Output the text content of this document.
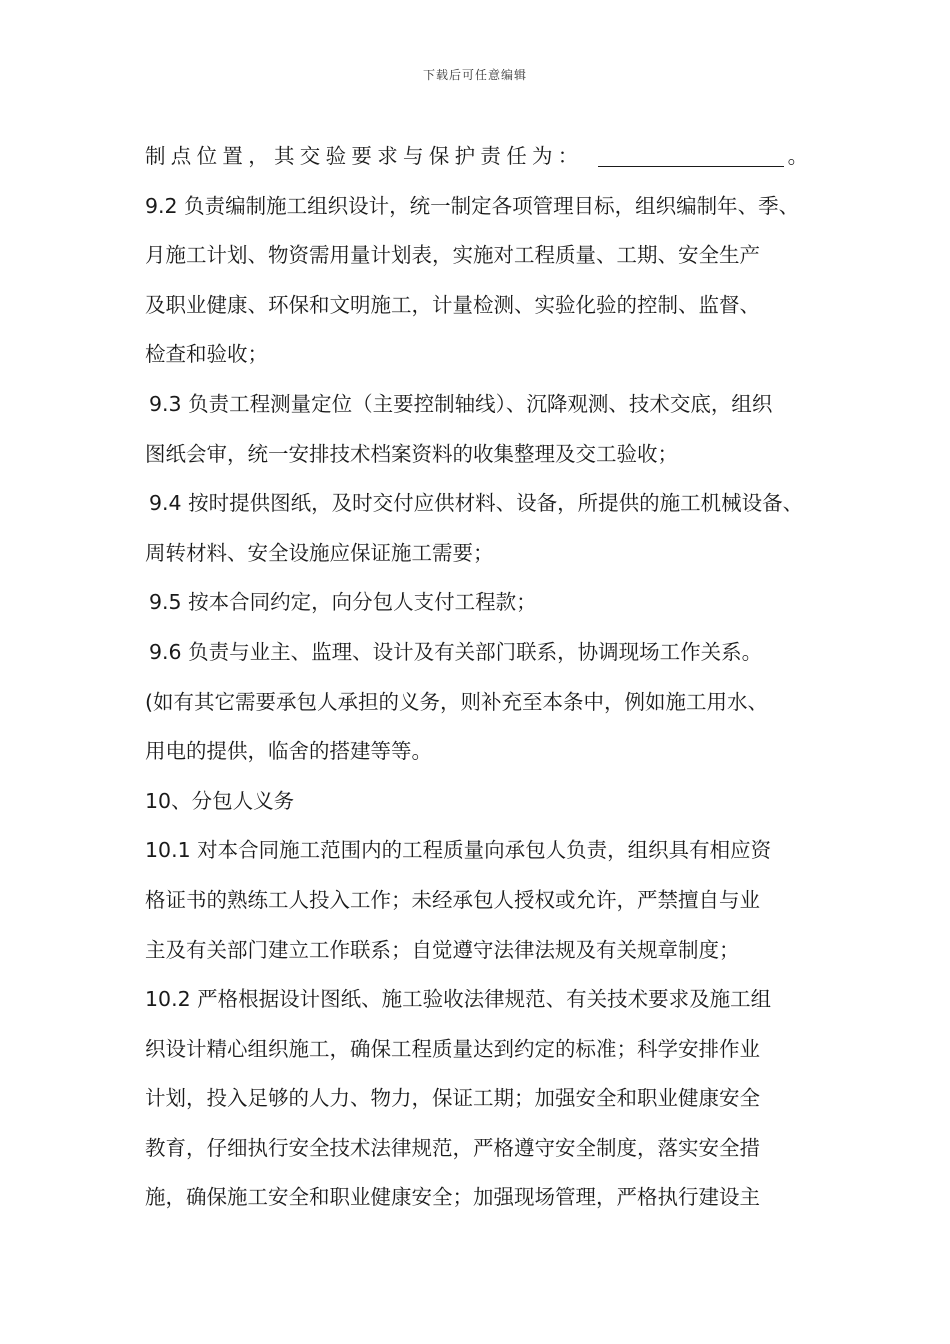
下载后可任意编辑
制点位置，其交验要求与保护责任为：	。
9.2 负责编制施工组织设计，统一制定各项管理目标，组织编制年、季、
月施工计划、物资需用量计划表，实施对工程质量、工期、安全生产
及职业健康、环保和文明施工，计量检测、实验化验的控制、监督、
检查和验收；
9.3 负责工程测量定位（主要控制轴线）、沉降观测、技术交底，组织
图纸会审，统一安排技术档案资料的收集整理及交工验收；
9.4 按时提供图纸，及时交付应供材料、设备，所提供的施工机械设备、
周转材料、安全设施应保证施工需要；
9.5 按本合同约定，向分包人支付工程款；
9.6 负责与业主、监理、设计及有关部门联系，协调现场工作关系。
(如有其它需要承包人承担的义务，则补充至本条中，例如施工用水、
用电的提供，临舍的搭建等等。
10、分包人义务
10.1 对本合同施工范围内的工程质量向承包人负责，组织具有相应资
格证书的熟练工人投入工作；未经承包人授权或允许，严禁擅自与业
主及有关部门建立工作联系；自觉遵守法律法规及有关规章制度；
10.2 严格根据设计图纸、施工验收法律规范、有关技术要求及施工组
织设计精心组织施工，确保工程质量达到约定的标准；科学安排作业
计划，投入足够的人力、物力，保证工期；加强安全和职业健康安全
教育，仔细执行安全技术法律规范，严格遵守安全制度，落实安全措
施，确保施工安全和职业健康安全；加强现场管理，严格执行建设主
